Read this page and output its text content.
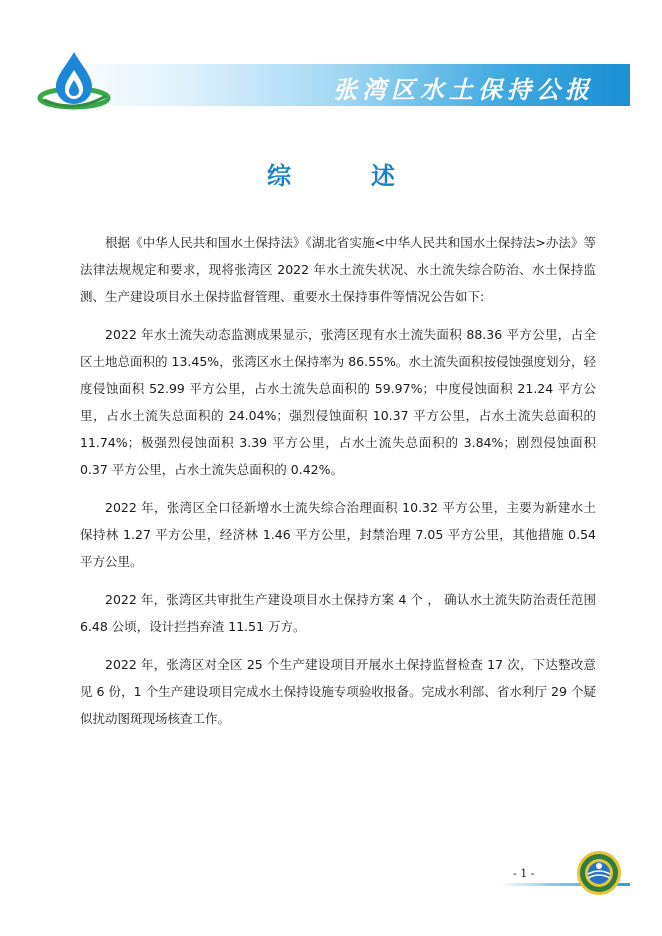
张湾区水土保持公报
综　述

根据《中华人民共和国水土保持法》《湖北省实施<中华人民共和国水土保持法>办法》等法律法规规定和要求，现将张湾区 2022 年水土流失状况、水土流失综合防治、水土保持监测、生产建设项目水土保持监督管理、重要水土保持事件等情况公告如下:

2022 年水土流失动态监测成果显示，张湾区现有水土流失面积 88.36 平方公里，占全区土地总面积的 13.45%，张湾区水土保持率为 86.55%。水土流失面积按侵蚀强度划分，轻度侵蚀面积 52.99 平方公里，占水土流失总面积的 59.97%；中度侵蚀面积 21.24 平方公里，占水土流失总面积的 24.04%；强烈侵蚀面积 10.37 平方公里，占水土流失总面积的 11.74%；极强烈侵蚀面积 3.39 平方公里，占水土流失总面积的 3.84%；剧烈侵蚀面积 0.37 平方公里，占水土流失总面积的 0.42%。

2022 年，张湾区全口径新增水土流失综合治理面积 10.32 平方公里，主要为新建水土保持林 1.27 平方公里，经济林 1.46 平方公里，封禁治理 7.05 平方公里，其他措施 0.54 平方公里。

2022 年，张湾区共审批生产建设项目水土保持方案 4 个 ， 确认水土流失防治责任范围 6.48 公顷，设计拦挡弃渣 11.51 万方。

2022 年，张湾区对全区 25 个生产建设项目开展水土保持监督检查 17 次，下达整改意见 6 份，1 个生产建设项目完成水土保持设施专项验收报备。完成水利部、省水利厅 29 个疑似扰动图斑现场核查工作。

- 1 -
